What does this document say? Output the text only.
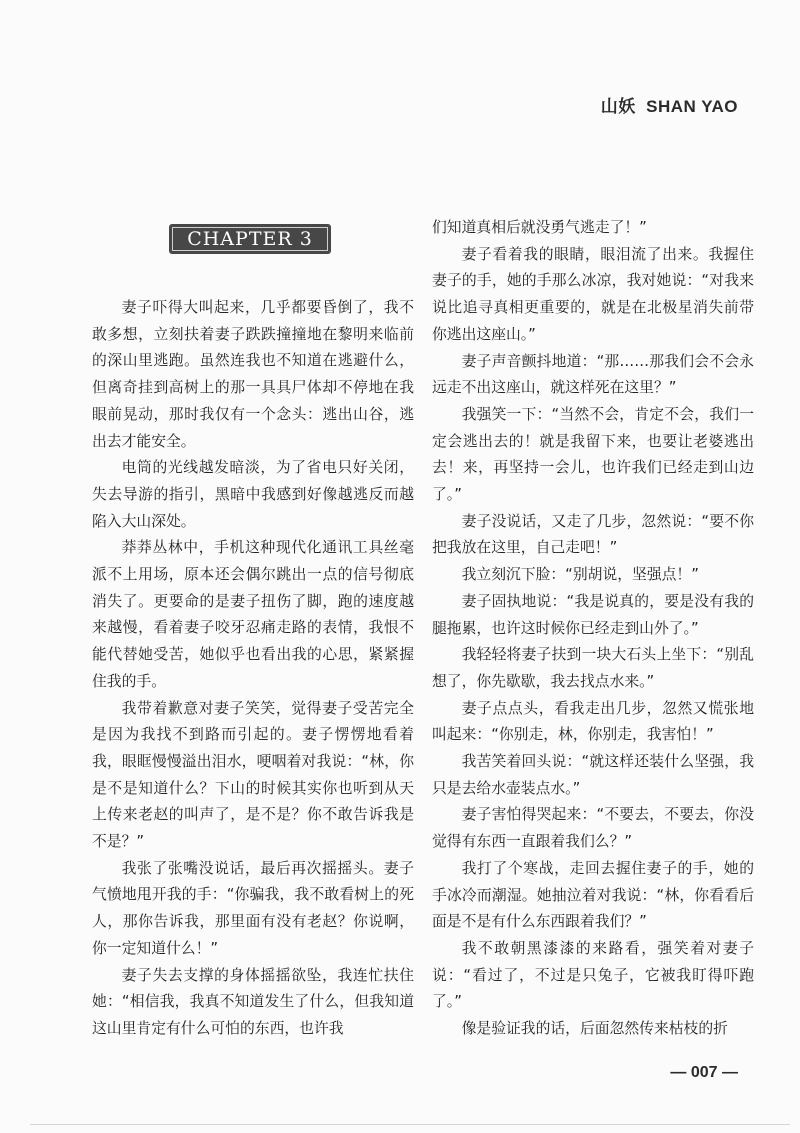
山妖 SHAN YAO
CHAPTER 3

妻子吓得大叫起来，几乎都要昏倒了，我不敢多想，立刻扶着妻子跌跌撞撞地在黎明来临前的深山里逃跑。虽然连我也不知道在逃避什么，但离奇挂到高树上的那一具具尸体却不停地在我眼前晃动，那时我仅有一个念头：逃出山谷，逃出去才能安全。

电筒的光线越发暗淡，为了省电只好关闭，失去导游的指引，黑暗中我感到好像越逃反而越陷入大山深处。

莽莽丛林中，手机这种现代化通讯工具丝毫派不上用场，原本还会偶尔跳出一点的信号彻底消失了。更要命的是妻子扭伤了脚，跑的速度越来越慢，看着妻子咬牙忍痛走路的表情，我恨不能代替她受苦，她似乎也看出我的心思，紧紧握住我的手。

我带着歉意对妻子笑笑，觉得妻子受苦完全是因为我找不到路而引起的。妻子愣愣地看着我，眼眶慢慢溢出泪水，哽咽着对我说：“林，你是不是知道什么？下山的时候其实你也听到从天上传来老赵的叫声了，是不是？你不敢告诉我是不是？”

我张了张嘴没说话，最后再次摇摇头。妻子气愤地甩开我的手：“你骗我，我不敢看树上的死人，那你告诉我，那里面有没有老赵？你说啊，你一定知道什么！”

妻子失去支撑的身体摇摇欲坠，我连忙扶住她：“相信我，我真不知道发生了什么，但我知道这山里肯定有什么可怕的东西，也许我

们知道真相后就没勇气逃走了！”

妻子看着我的眼睛，眼泪流了出来。我握住妻子的手，她的手那么冰凉，我对她说：“对我来说比追寻真相更重要的，就是在北极星消失前带你逃出这座山。”

妻子声音颤抖地道：“那……那我们会不会永远走不出这座山，就这样死在这里？”

我强笑一下：“当然不会，肯定不会，我们一定会逃出去的！就是我留下来，也要让老婆逃出去！来，再坚持一会儿，也许我们已经走到山边了。”

妻子没说话，又走了几步，忽然说：“要不你把我放在这里，自己走吧！”

我立刻沉下脸：“别胡说，坚强点！”

妻子固执地说：“我是说真的，要是没有我的腿拖累，也许这时候你已经走到山外了。”

我轻轻将妻子扶到一块大石头上坐下：“别乱想了，你先歇歇，我去找点水来。”

妻子点点头，看我走出几步，忽然又慌张地叫起来：“你别走，林，你别走，我害怕！”

我苦笑着回头说：“就这样还装什么坚强，我只是去给水壶装点水。”

妻子害怕得哭起来：“不要去，不要去，你没觉得有东西一直跟着我们么？”

我打了个寒战，走回去握住妻子的手，她的手冰冷而潮湿。她抽泣着对我说：“林，你看看后面是不是有什么东西跟着我们？”

我不敢朝黑漆漆的来路看，强笑着对妻子说：“看过了，不过是只兔子，它被我盯得吓跑了。”

像是验证我的话，后面忽然传来枯枝的折

— 007 —
